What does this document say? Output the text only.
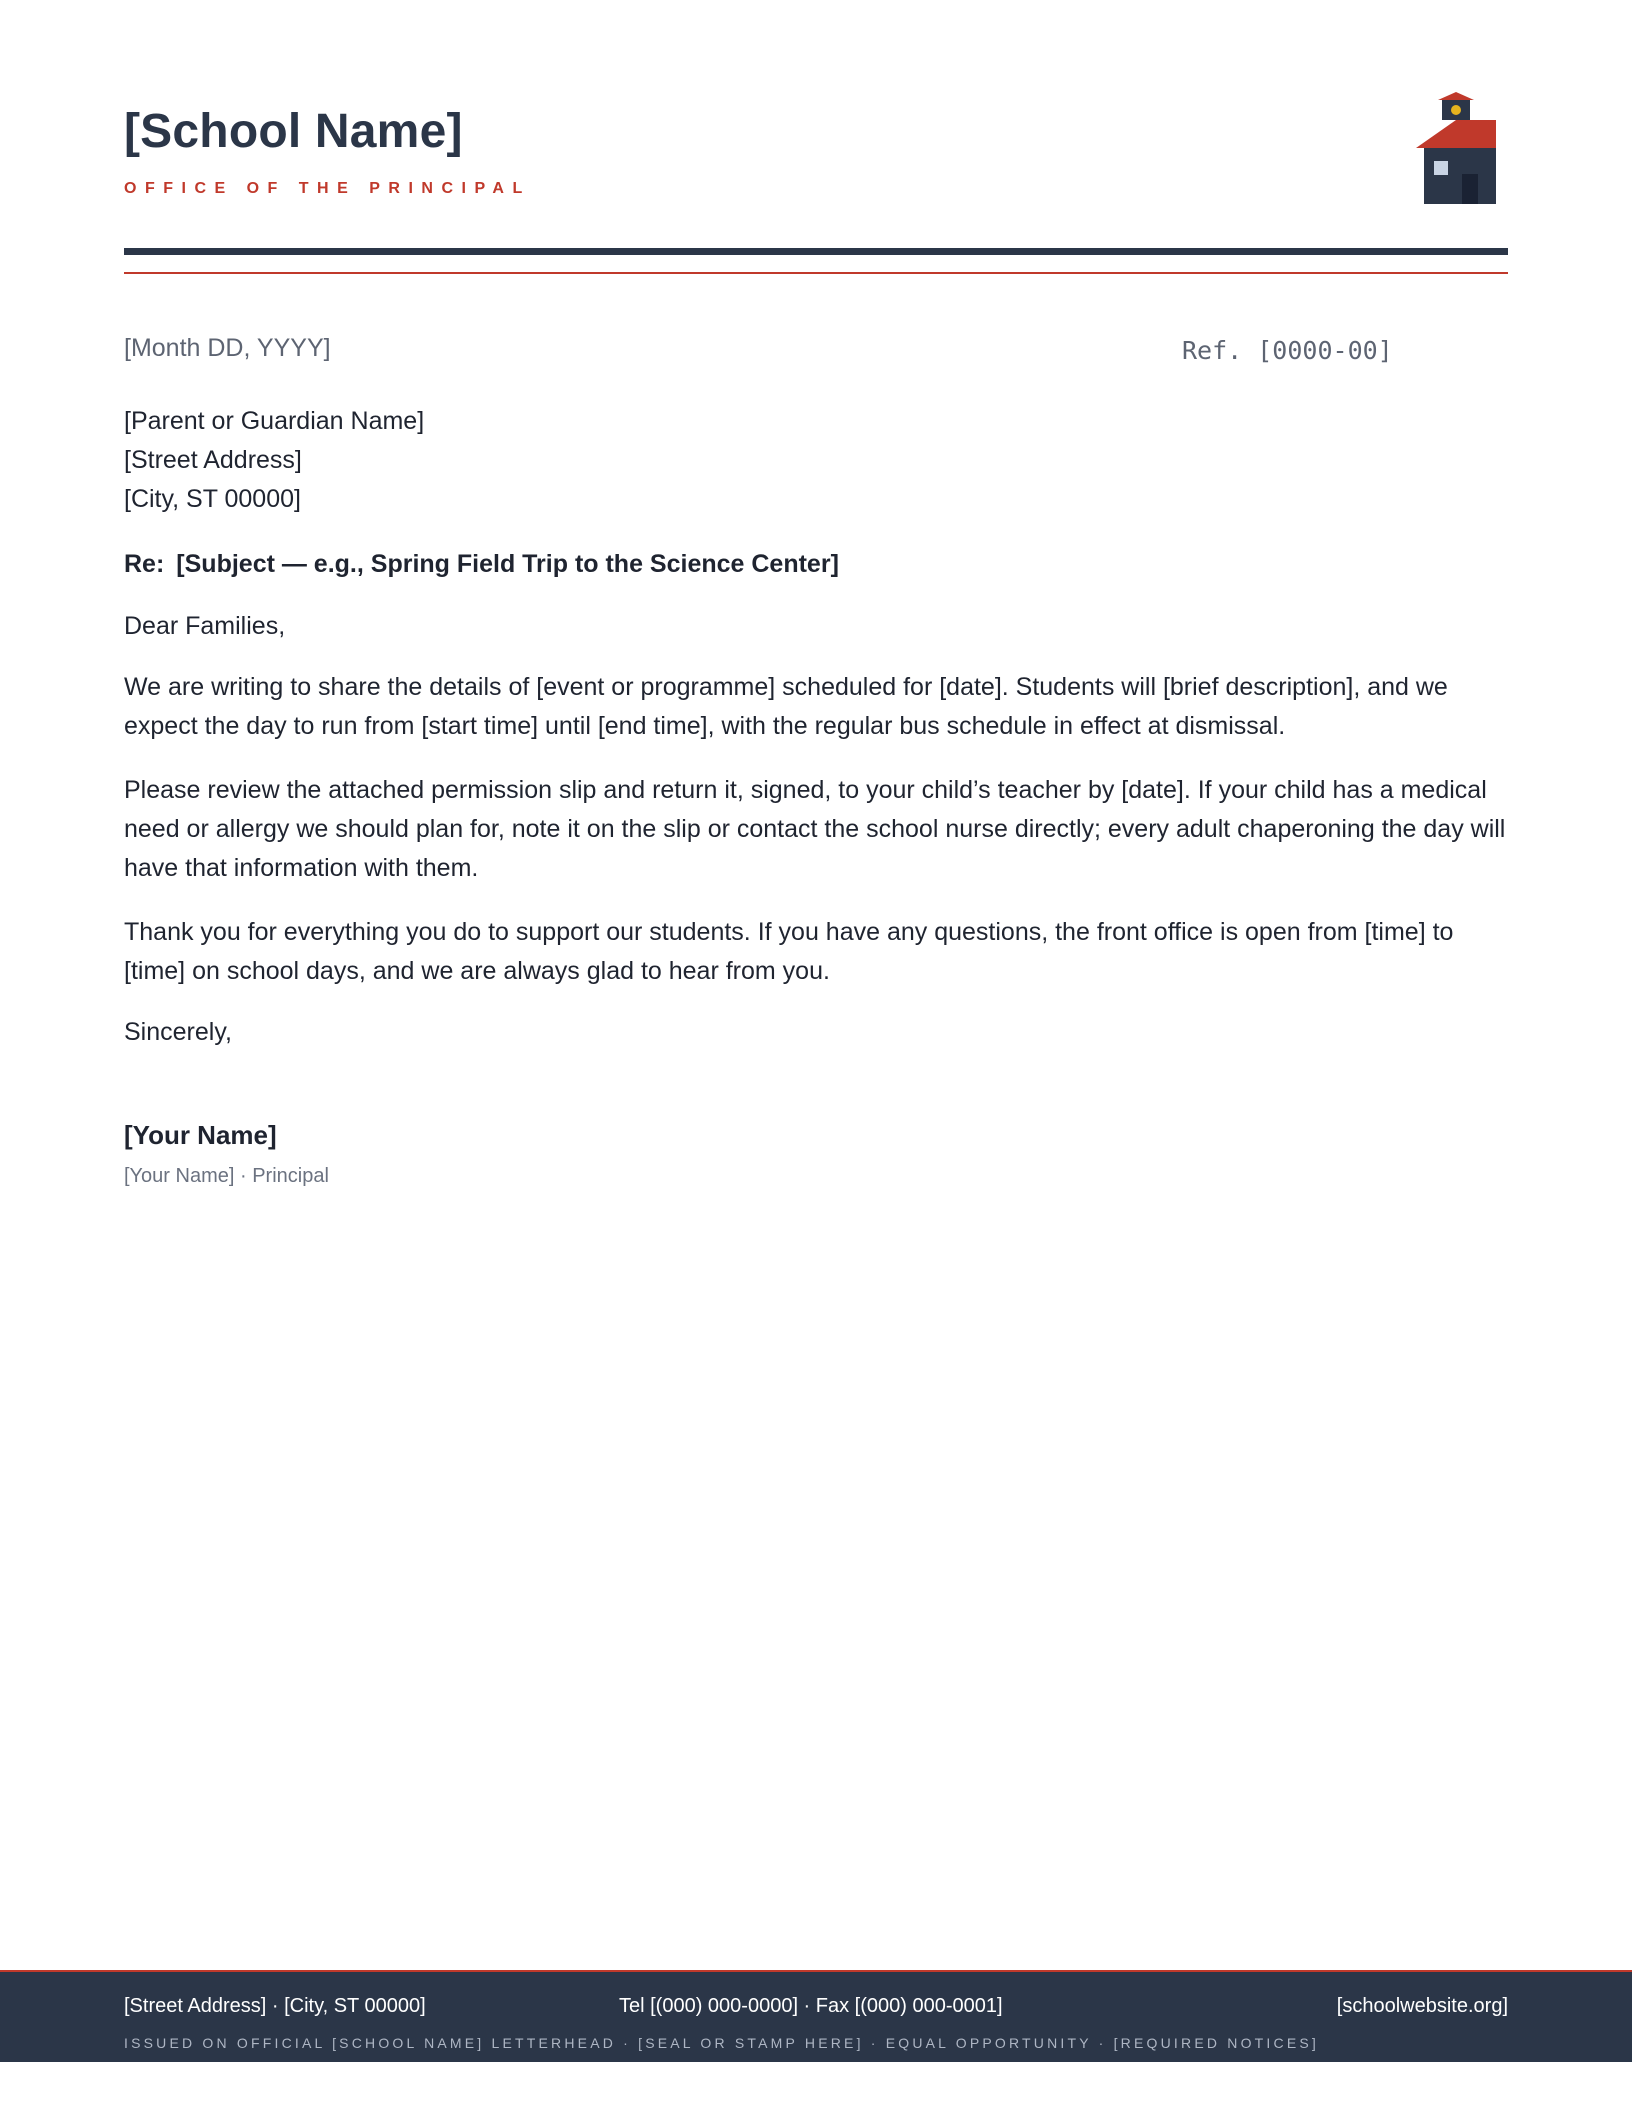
[School Name]
OFFICE OF THE PRINCIPAL
[Month DD, YYYY]	Ref. [0000-00]
[Parent or Guardian Name]
[Street Address]
[City, ST 00000]
Re: [Subject — e.g., Spring Field Trip to the Science Center]
Dear Families,

We are writing to share the details of [event or programme] scheduled for [date]. Students will [brief description], and we expect the day to run from [start time] until [end time], with the regular bus schedule in effect at dismissal.

Please review the attached permission slip and return it, signed, to your child’s teacher by [date]. If your child has a medical need or allergy we should plan for, note it on the slip or contact the school nurse directly; every adult chaperoning the day will have that information with them.

Thank you for everything you do to support our students. If you have any questions, the front office is open from [time] to [time] on school days, and we are always glad to hear from you.

Sincerely,
[Your Name]
[Your Name] · Principal
[Street Address] · [City, ST 00000]	Tel [(000) 000-0000] · Fax [(000) 000-0001]	[schoolwebsite.org]
ISSUED ON OFFICIAL [SCHOOL NAME] LETTERHEAD · [SEAL OR STAMP HERE] · EQUAL OPPORTUNITY · [REQUIRED NOTICES]
